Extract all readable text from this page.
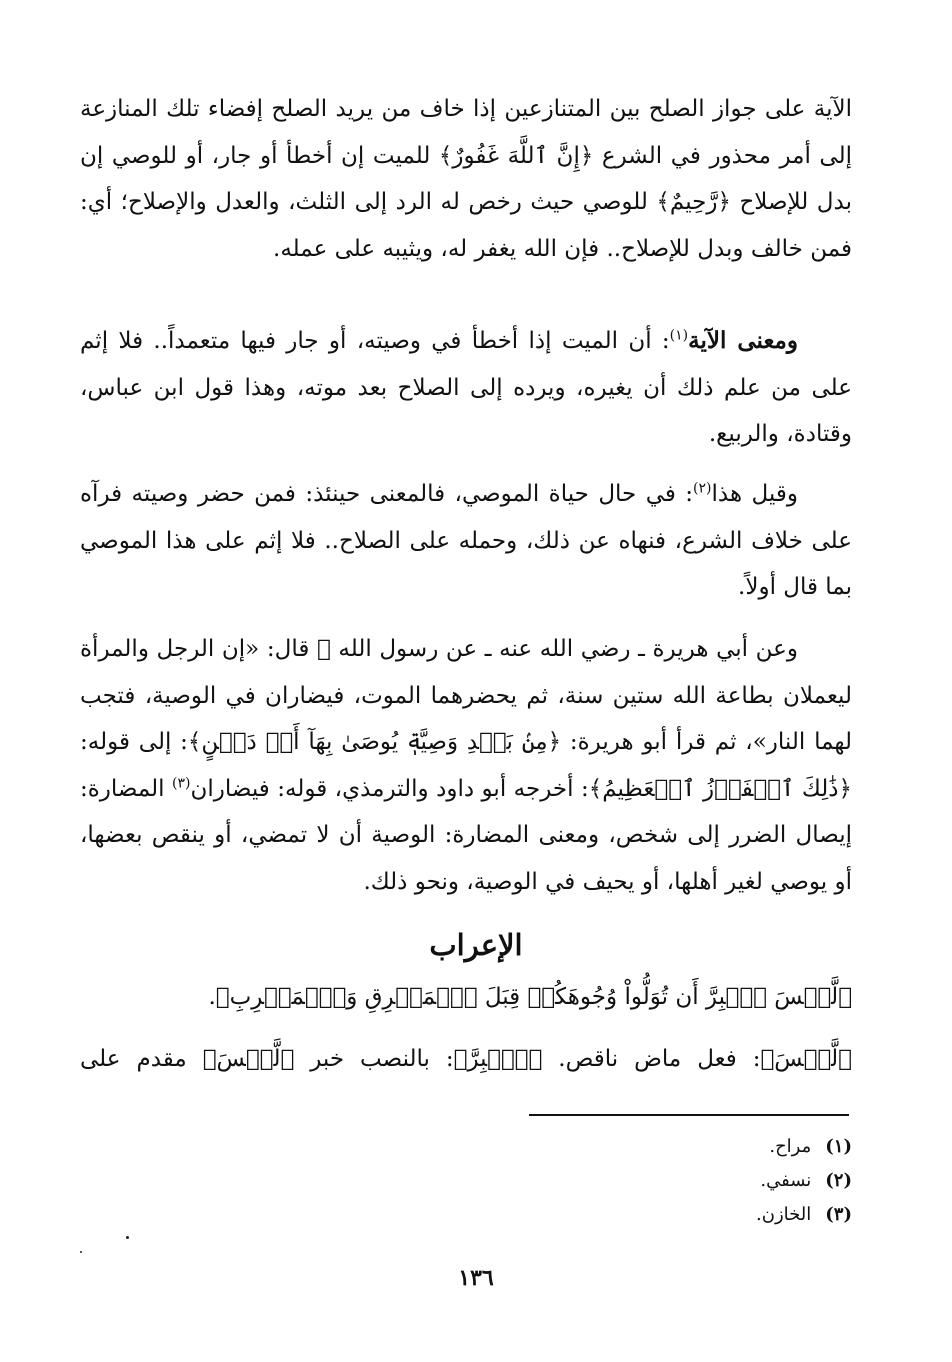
الآية على جواز الصلح بين المتنازعين إذا خاف من يريد الصلح إفضاء تلك المنازعة إلى أمر محذور في الشرع ﴿إِنَّ ٱللَّهَ غَفُورٌ﴾ للميت إن أخطأ أو جار، أو للوصي إن بدل للإصلاح ﴿رَّحِيمٌ﴾ للوصي حيث رخص له الرد إلى الثلث، والعدل والإصلاح؛ أي: فمن خالف وبدل للإصلاح.. فإن الله يغفر له، ويثيبه على عمله.
ومعنى الآية$^{(١)}$: أن الميت إذا أخطأ في وصيته، أو جار فيها متعمداً.. فلا إثم على من علم ذلك أن يغيره، ويرده إلى الصلاح بعد موته، وهذا قول ابن عباس، وقتادة، والربيع.
وقيل هذا$^{(٢)}$: في حال حياة الموصي، فالمعنى حينئذ: فمن حضر وصيته فرآه على خلاف الشرع، فنهاه عن ذلك، وحمله على الصلاح.. فلا إثم على هذا الموصي بما قال أولاً.
وعن أبي هريرة ـ رضي الله عنه ـ عن رسول الله ﷺ قال: «إن الرجل والمرأة ليعملان بطاعة الله ستين سنة، ثم يحضرهما الموت، فيضاران في الوصية، فتجب لهما النار»، ثم قرأ أبو هريرة: ﴿مِنۢ بَعۡدِ وَصِيَّةٖ يُوصَىٰ بِهَآ أَوۡ دَيۡنٍ﴾: إلى قوله: ﴿ذَٰلِكَ ٱلۡفَوۡزُ ٱلۡعَظِيمُ﴾: أخرجه أبو داود والترمذي، قوله: فيضاران$^{(٣)}$ المضارة: إيصال الضرر إلى شخص، ومعنى المضارة: الوصية أن لا تمضي، أو ينقص بعضها، أو يوصي لغير أهلها، أو يحيف في الوصية، ونحو ذلك.
الإعراب
﴿لَّيۡسَ ٱلۡبِرَّ أَن تُوَلُّواْ وُجُوهَكُمۡ قِبَلَ ٱلۡمَشۡرِقِ وَٱلۡمَغۡرِبِ﴾.
﴿لَّيۡسَ﴾: فعل ماض ناقص. ﴿ٱلۡبِرَّ﴾: بالنصب خبر ﴿لَّيۡسَ﴾ مقدم على
(١)مراح.
(٢)نسفي.
(٣)الخازن.
١٣٦
